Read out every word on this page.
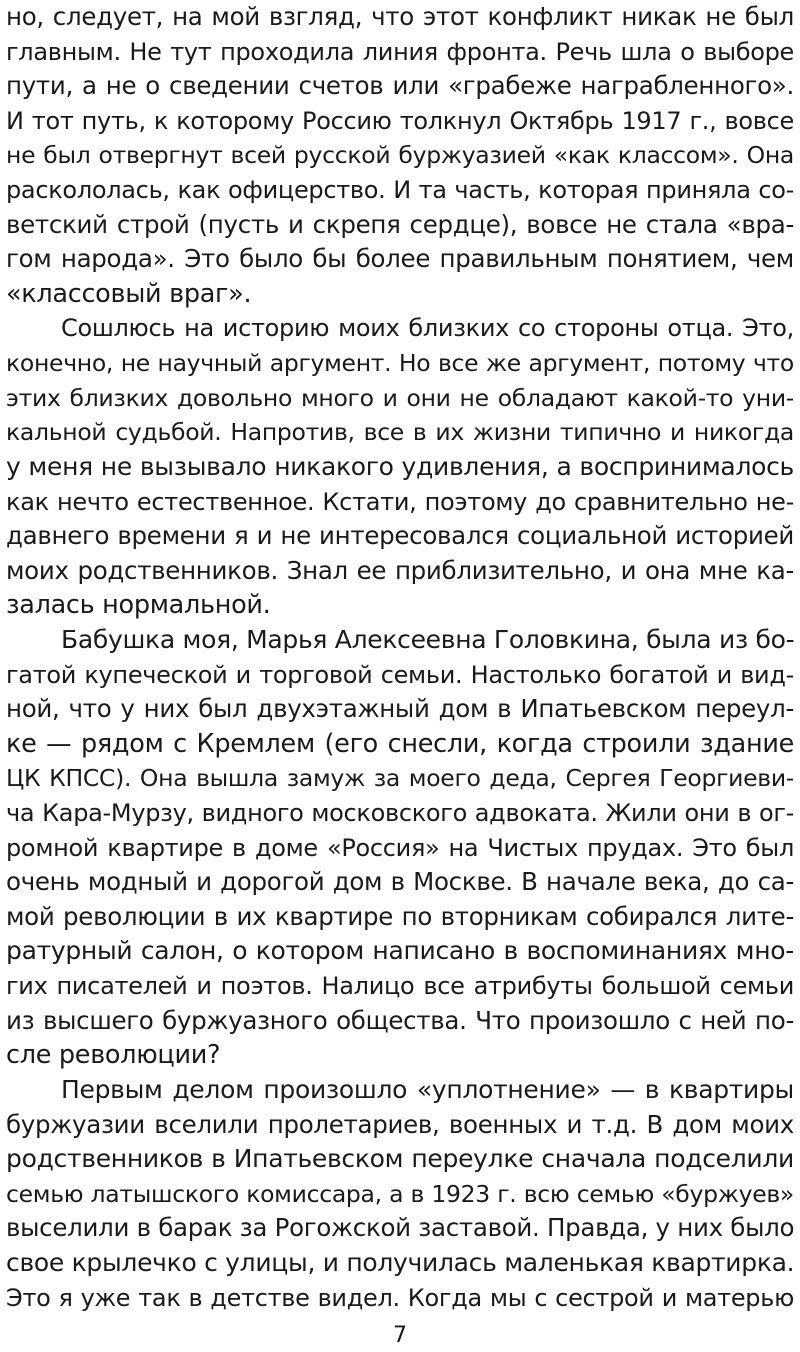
но, следует, на мой взгляд, что этот конфликт никак не был
главным. Не тут проходила линия фронта. Речь шла о выборе
пути, а не о сведении счетов или «грабеже награбленного».
И тот путь, к которому Россию толкнул Октябрь 1917 г., вовсе
не был отвергнут всей русской буржуазией «как классом». Она
раскололась, как офицерство. И та часть, которая приняла со-
ветский строй (пусть и скрепя сердце), вовсе не стала «вра-
гом народа». Это было бы более правильным понятием, чем
«классовый враг».
Сошлюсь на историю моих близких со стороны отца. Это,
конечно, не научный аргумент. Но все же аргумент, потому что
этих близких довольно много и они не обладают какой-то уни-
кальной судьбой. Напротив, все в их жизни типично и никогда
у меня не вызывало никакого удивления, а воспринималось
как нечто естественное. Кстати, поэтому до сравнительно не-
давнего времени я и не интересовался социальной историей
моих родственников. Знал ее приблизительно, и она мне ка-
залась нормальной.
Бабушка моя, Марья Алексеевна Головкина, была из бо-
гатой купеческой и торговой семьи. Настолько богатой и вид-
ной, что у них был двухэтажный дом в Ипатьевском переул-
ке — рядом с Кремлем (его снесли, когда строили здание
ЦК КПСС). Она вышла замуж за моего деда, Сергея Георгиеви-
ча Кара-Мурзу, видного московского адвоката. Жили они в ог-
ромной квартире в доме «Россия» на Чистых прудах. Это был
очень модный и дорогой дом в Москве. В начале века, до са-
мой революции в их квартире по вторникам собирался лите-
ратурный салон, о котором написано в воспоминаниях мно-
гих писателей и поэтов. Налицо все атрибуты большой семьи
из высшего буржуазного общества. Что произошло с ней по-
сле революции?
Первым делом произошло «уплотнение» — в квартиры
буржуазии вселили пролетариев, военных и т.д. В дом моих
родственников в Ипатьевском переулке сначала подселили
семью латышского комиссара, а в 1923 г. всю семью «буржуев»
выселили в барак за Рогожской заставой. Правда, у них было
свое крылечко с улицы, и получилась маленькая квартирка.
Это я уже так в детстве видел. Когда мы с сестрой и матерью
7
